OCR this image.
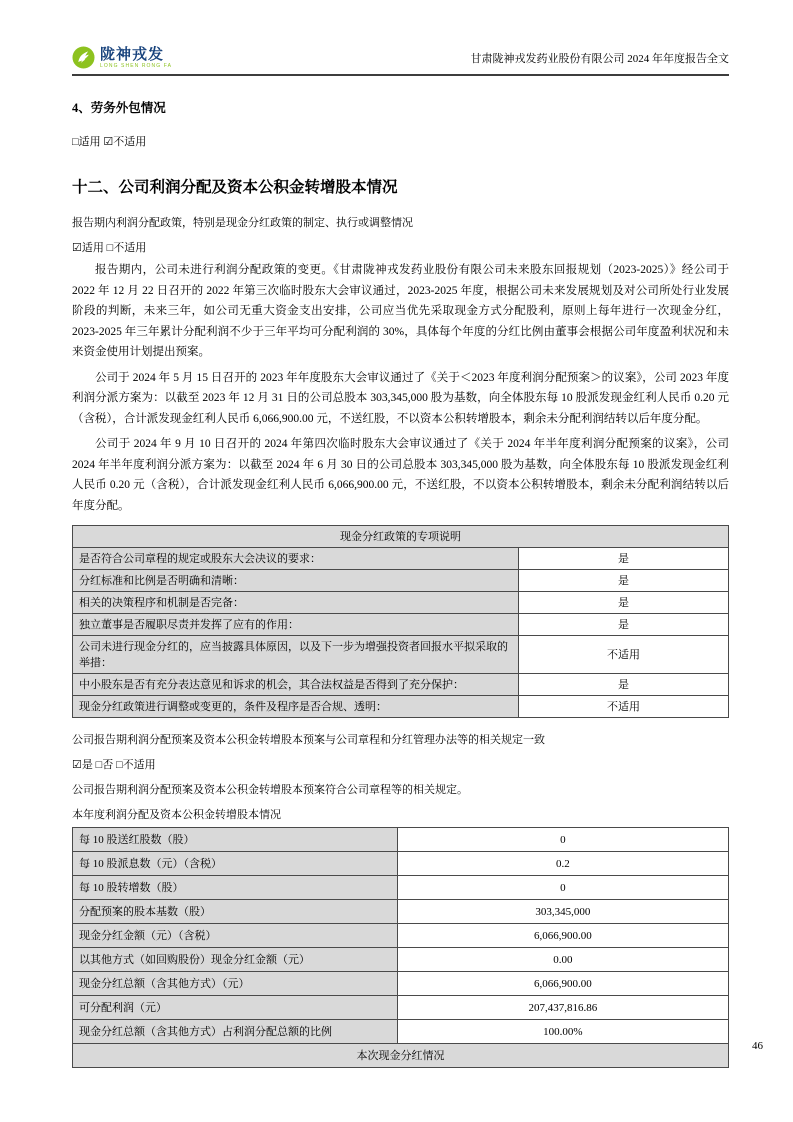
陇神戎发
LONG SHEN RONG FA
甘肃陇神戎发药业股份有限公司 2024 年年度报告全文
4、劳务外包情况
□适用 ☑不适用
十二、公司利润分配及资本公积金转增股本情况
报告期内利润分配政策，特别是现金分红政策的制定、执行或调整情况
☑适用 □不适用

报告期内，公司未进行利润分配政策的变更。《甘肃陇神戎发药业股份有限公司未来股东回报规划（2023-2025）》经公司于 2022 年 12 月 22 日召开的 2022 年第三次临时股东大会审议通过，2023-2025 年度，根据公司未来发展规划及对公司所处行业发展阶段的判断，未来三年，如公司无重大资金支出安排，公司应当优先采取现金方式分配股利，原则上每年进行一次现金分红，2023-2025 年三年累计分配利润不少于三年平均可分配利润的 30%，具体每个年度的分红比例由董事会根据公司年度盈利状况和未来资金使用计划提出预案。

公司于 2024 年 5 月 15 日召开的 2023 年年度股东大会审议通过了《关于＜2023 年度利润分配预案＞的议案》，公司 2023 年度利润分派方案为：以截至 2023 年 12 月 31 日的公司总股本 303,345,000 股为基数，向全体股东每 10 股派发现金红利人民币 0.20 元（含税），合计派发现金红利人民币 6,066,900.00 元，不送红股，不以资本公积转增股本，剩余未分配利润结转以后年度分配。

公司于 2024 年 9 月 10 日召开的 2024 年第四次临时股东大会审议通过了《关于 2024 年半年度利润分配预案的议案》，公司 2024 年半年度利润分派方案为：以截至 2024 年 6 月 30 日的公司总股本 303,345,000 股为基数，向全体股东每 10 股派发现金红利人民币 0.20 元（含税），合计派发现金红利人民币 6,066,900.00 元，不送红股，不以资本公积转增股本，剩余未分配利润结转以后年度分配。

现金分红政策的专项说明	
是否符合公司章程的规定或股东大会决议的要求：	是
分红标准和比例是否明确和清晰：	是
相关的决策程序和机制是否完备：	是
独立董事是否履职尽责并发挥了应有的作用：	是
公司未进行现金分红的，应当披露具体原因，以及下一步为增强投资者回报水平拟采取的举措：	不适用
中小股东是否有充分表达意见和诉求的机会，其合法权益是否得到了充分保护：	是
现金分红政策进行调整或变更的，条件及程序是否合规、透明：	不适用
公司报告期利润分配预案及资本公积金转增股本预案与公司章程和分红管理办法等的相关规定一致
☑是 □否 □不适用
公司报告期利润分配预案及资本公积金转增股本预案符合公司章程等的相关规定。
本年度利润分配及资本公积金转增股本情况
每 10 股送红股数（股）	0
每 10 股派息数（元）（含税）	0.2
每 10 股转增数（股）	0
分配预案的股本基数（股）	303,345,000
现金分红金额（元）（含税）	6,066,900.00
以其他方式（如回购股份）现金分红金额（元）	0.00
现金分红总额（含其他方式）（元）	6,066,900.00
可分配利润（元）	207,437,816.86
现金分红总额（含其他方式）占利润分配总额的比例	100.00%
本次现金分红情况	
46
